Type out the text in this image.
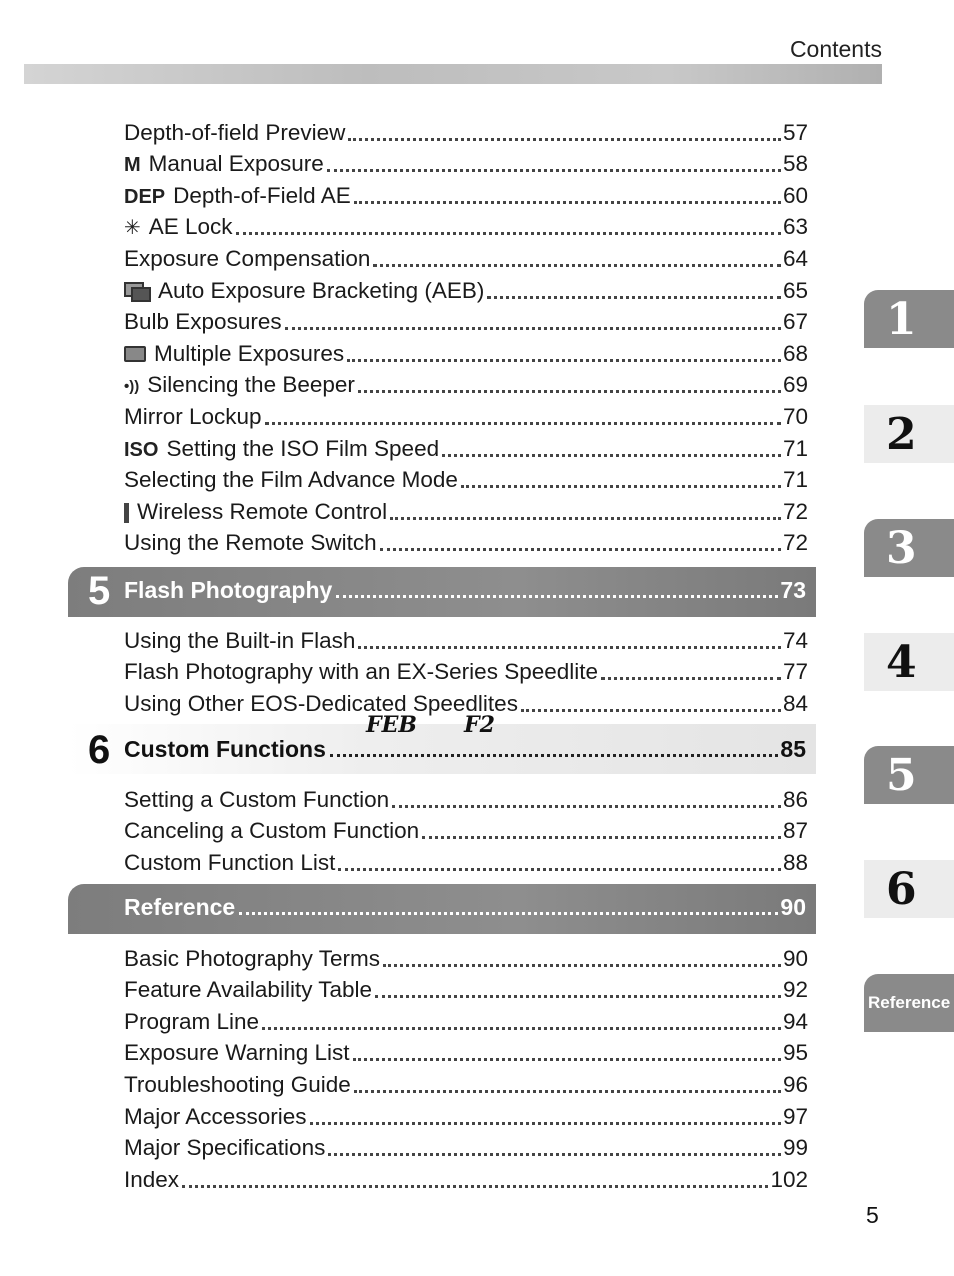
Contents
Depth-of-field Preview	57
M Manual Exposure	58
DEP Depth-of-Field AE	60
✳ AE Lock	63
Exposure Compensation	64
Auto Exposure Bracketing (AEB)	65
Bulb Exposures	67
Multiple Exposures	68
•)) Silencing the Beeper	69
Mirror Lockup	70
ISO Setting the ISO Film Speed	71
Selecting the Film Advance Mode	71
Wireless Remote Control	72
Using the Remote Switch	72
5 Flash Photography	73
Using the Built-in Flash	74
Flash Photography with an EX-Series Speedlite	77
Using Other EOS-Dedicated Speedlites	84
6 Custom Functions	85
FEB F2
Setting a Custom Function	86
Canceling a Custom Function	87
Custom Function List	88
Reference	90
Basic Photography Terms	90
Feature Availability Table	92
Program Line	94
Exposure Warning List	95
Troubleshooting Guide	96
Major Accessories	97
Major Specifications	99
Index	102
1
2
3
4
5
6
Reference
5
